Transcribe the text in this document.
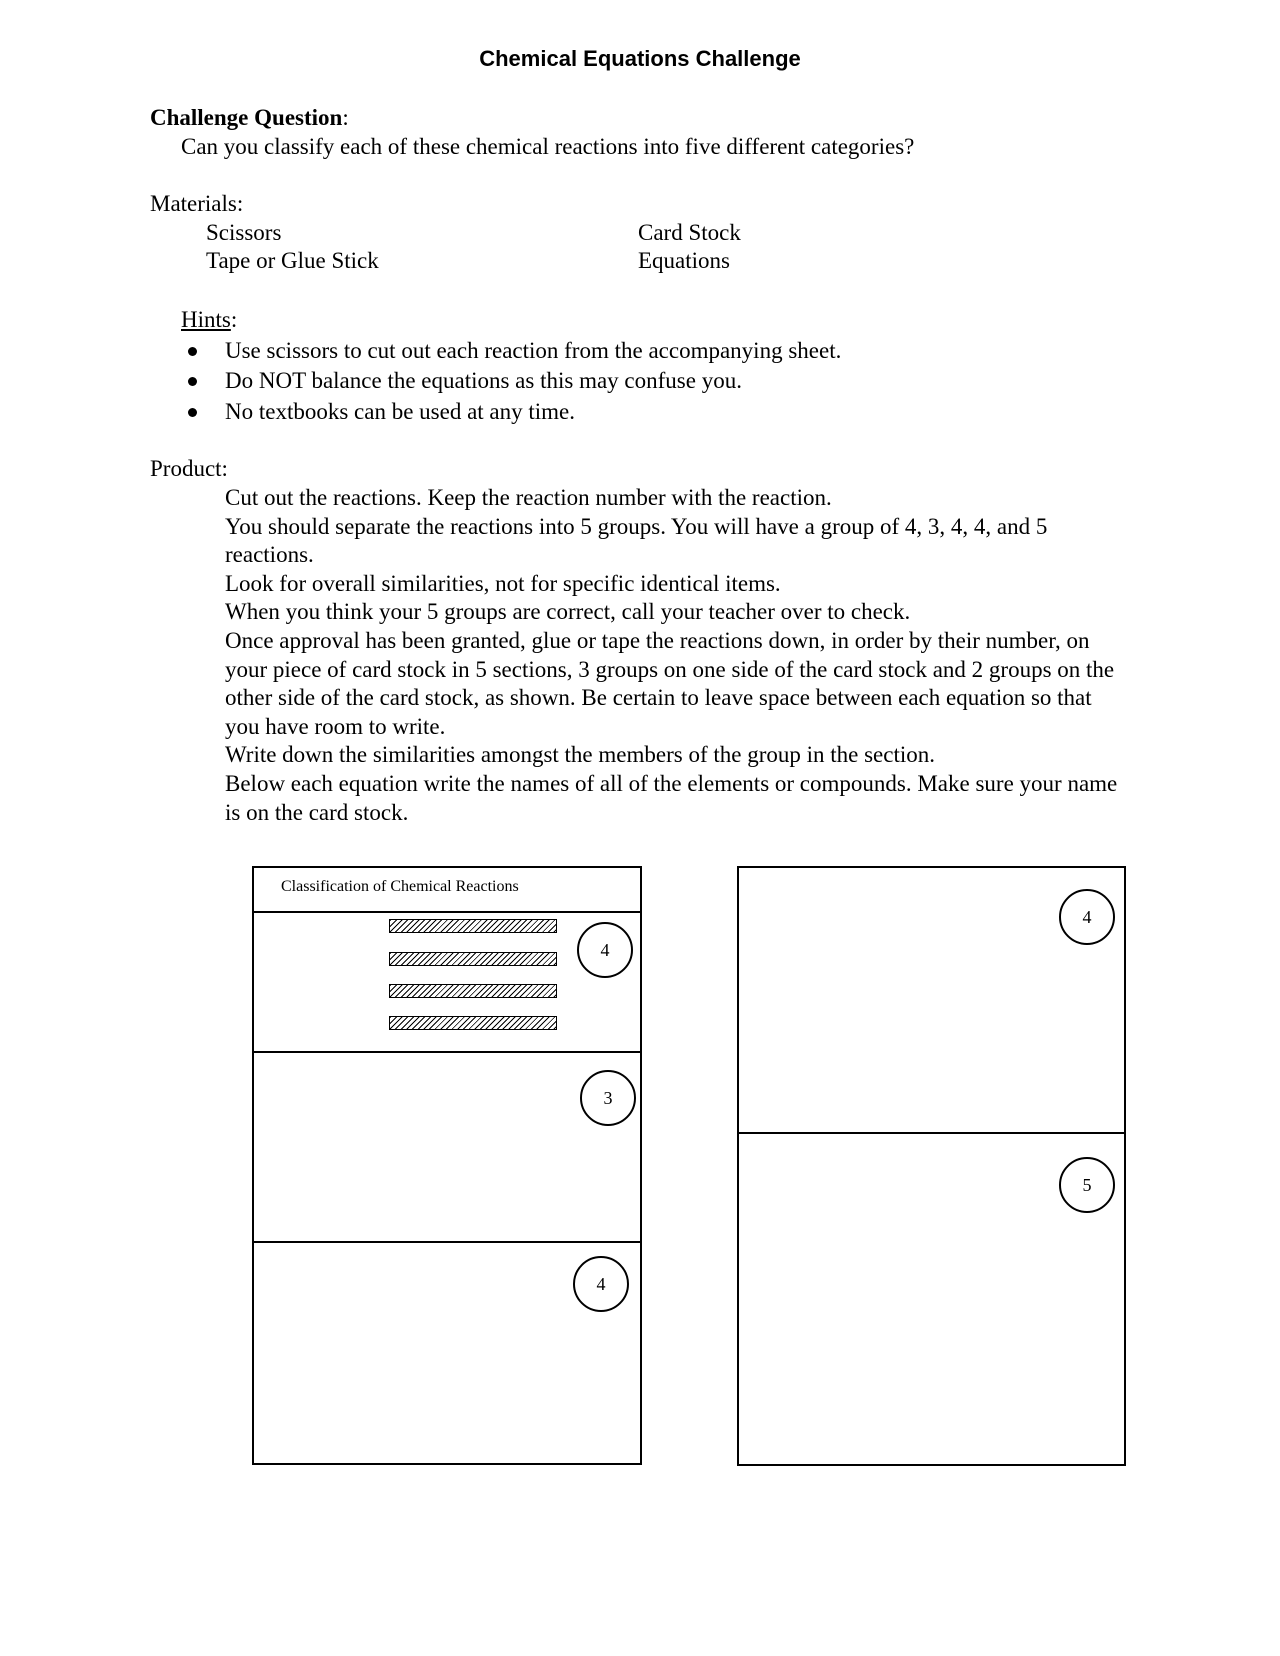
Chemical Equations Challenge
Challenge Question:
Can you classify each of these chemical reactions into five different categories?
Materials:
Scissors	Card Stock
Tape or Glue Stick	Equations
Hints:
Use scissors to cut out each reaction from the accompanying sheet.
Do NOT balance the equations as this may confuse you.
No textbooks can be used at any time.
Product:

Cut out the reactions. Keep the reaction number with the reaction.

You should separate the reactions into 5 groups. You will have a group of 4, 3, 4, 4, and 5 reactions.

Look for overall similarities, not for specific identical items.

When you think your 5 groups are correct, call your teacher over to check.

Once approval has been granted, glue or tape the reactions down, in order by their number, on your piece of card stock in 5 sections, 3 groups on one side of the card stock and 2 groups on the other side of the card stock, as shown. Be certain to leave space between each equation so that you have room to write.

Write down the similarities amongst the members of the group in the section.

Below each equation write the names of all of the elements or compounds. Make sure your name is on the card stock.

Classification of Chemical Reactions
4
3
4
4
5
